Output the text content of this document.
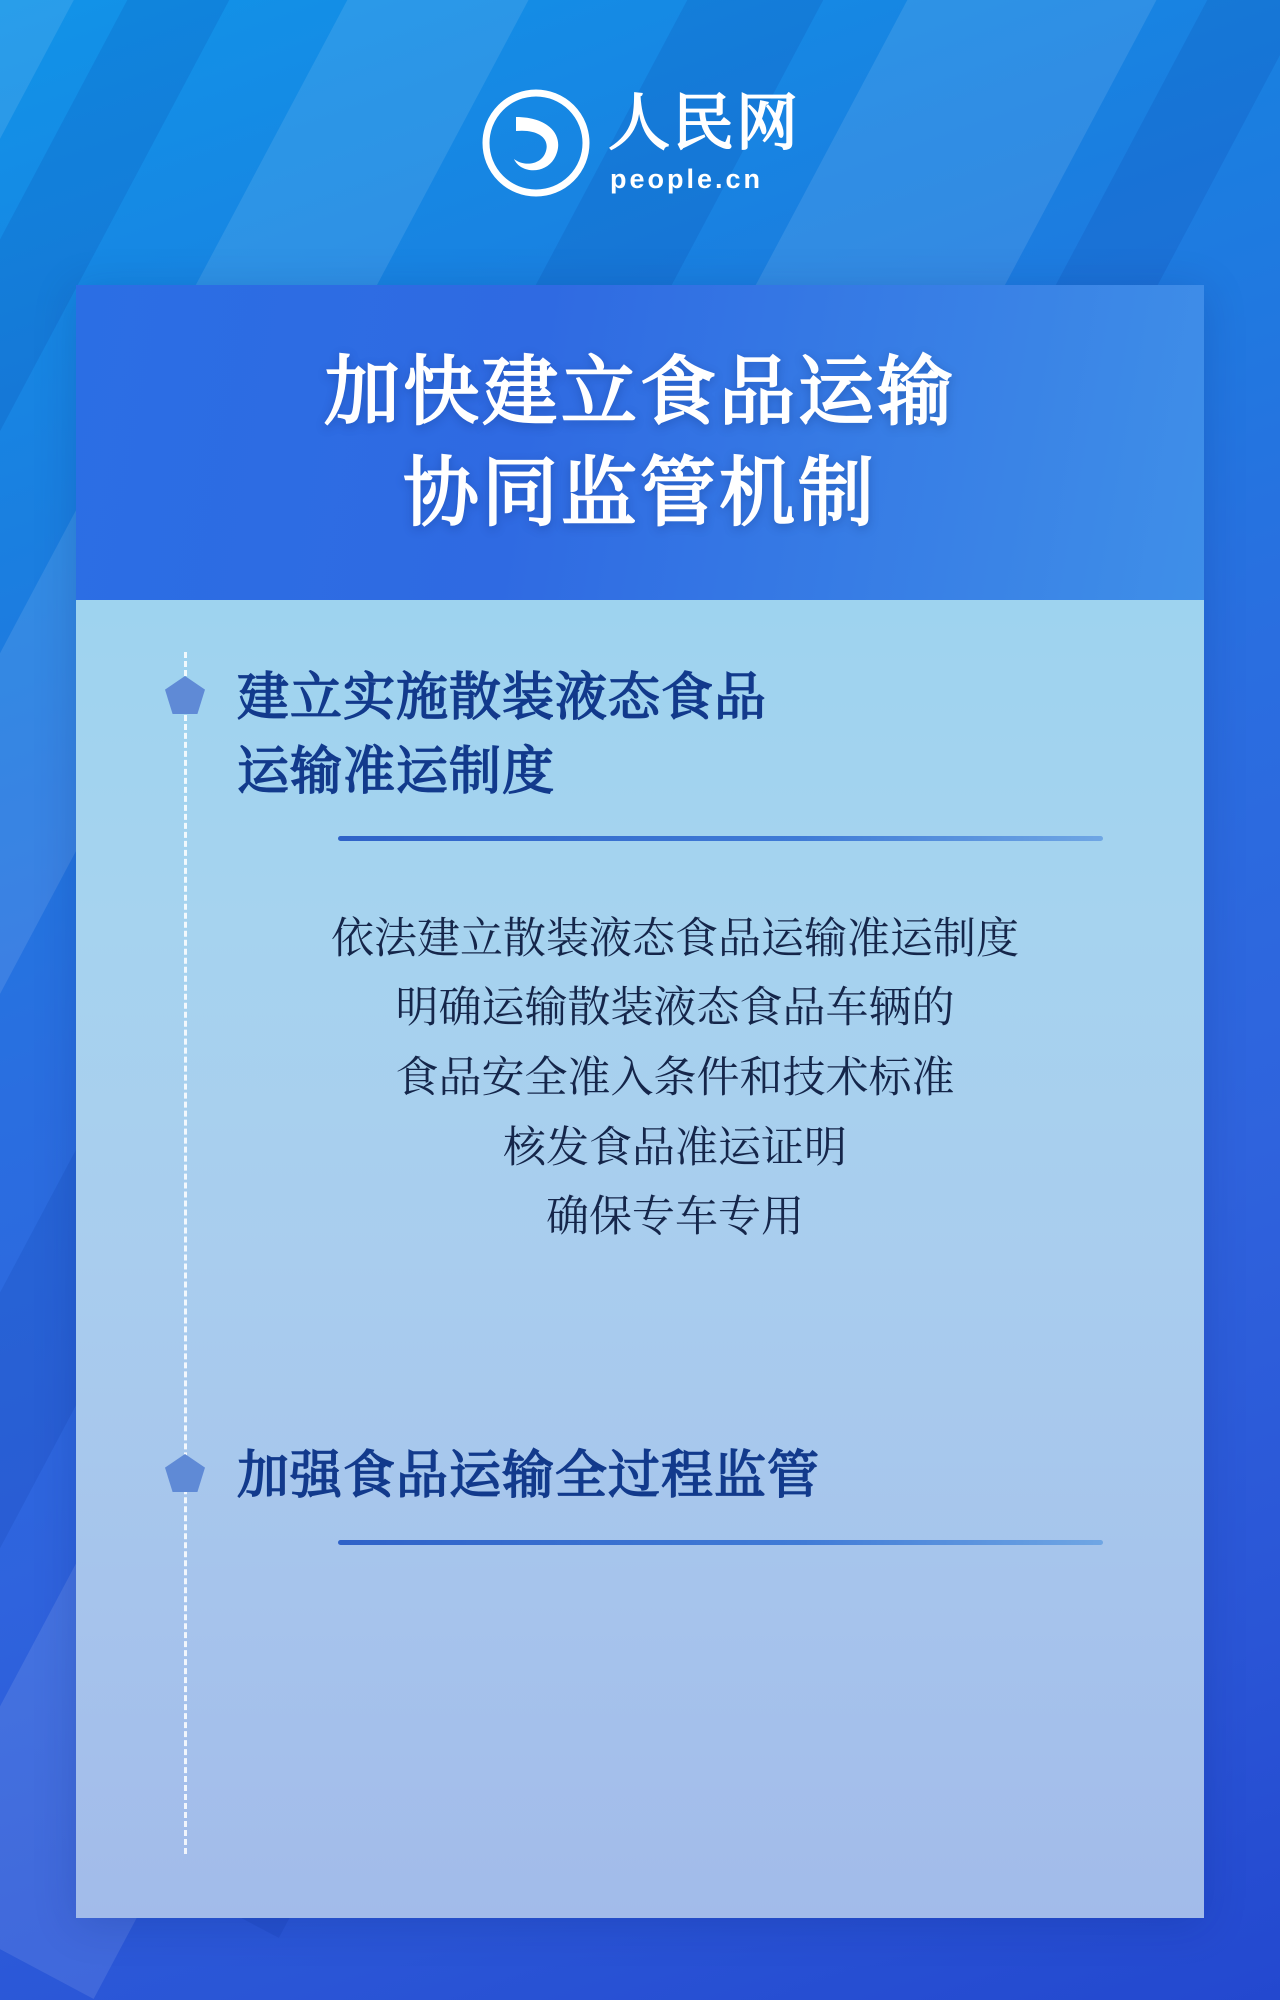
人民网
people.cn
加快建立食品运输
协同监管机制
建立实施散装液态食品
运输准运制度
依法建立散装液态食品运输准运制度
明确运输散装液态食品车辆的
食品安全准入条件和技术标准
核发食品准运证明
确保专车专用
加强食品运输全过程监管
